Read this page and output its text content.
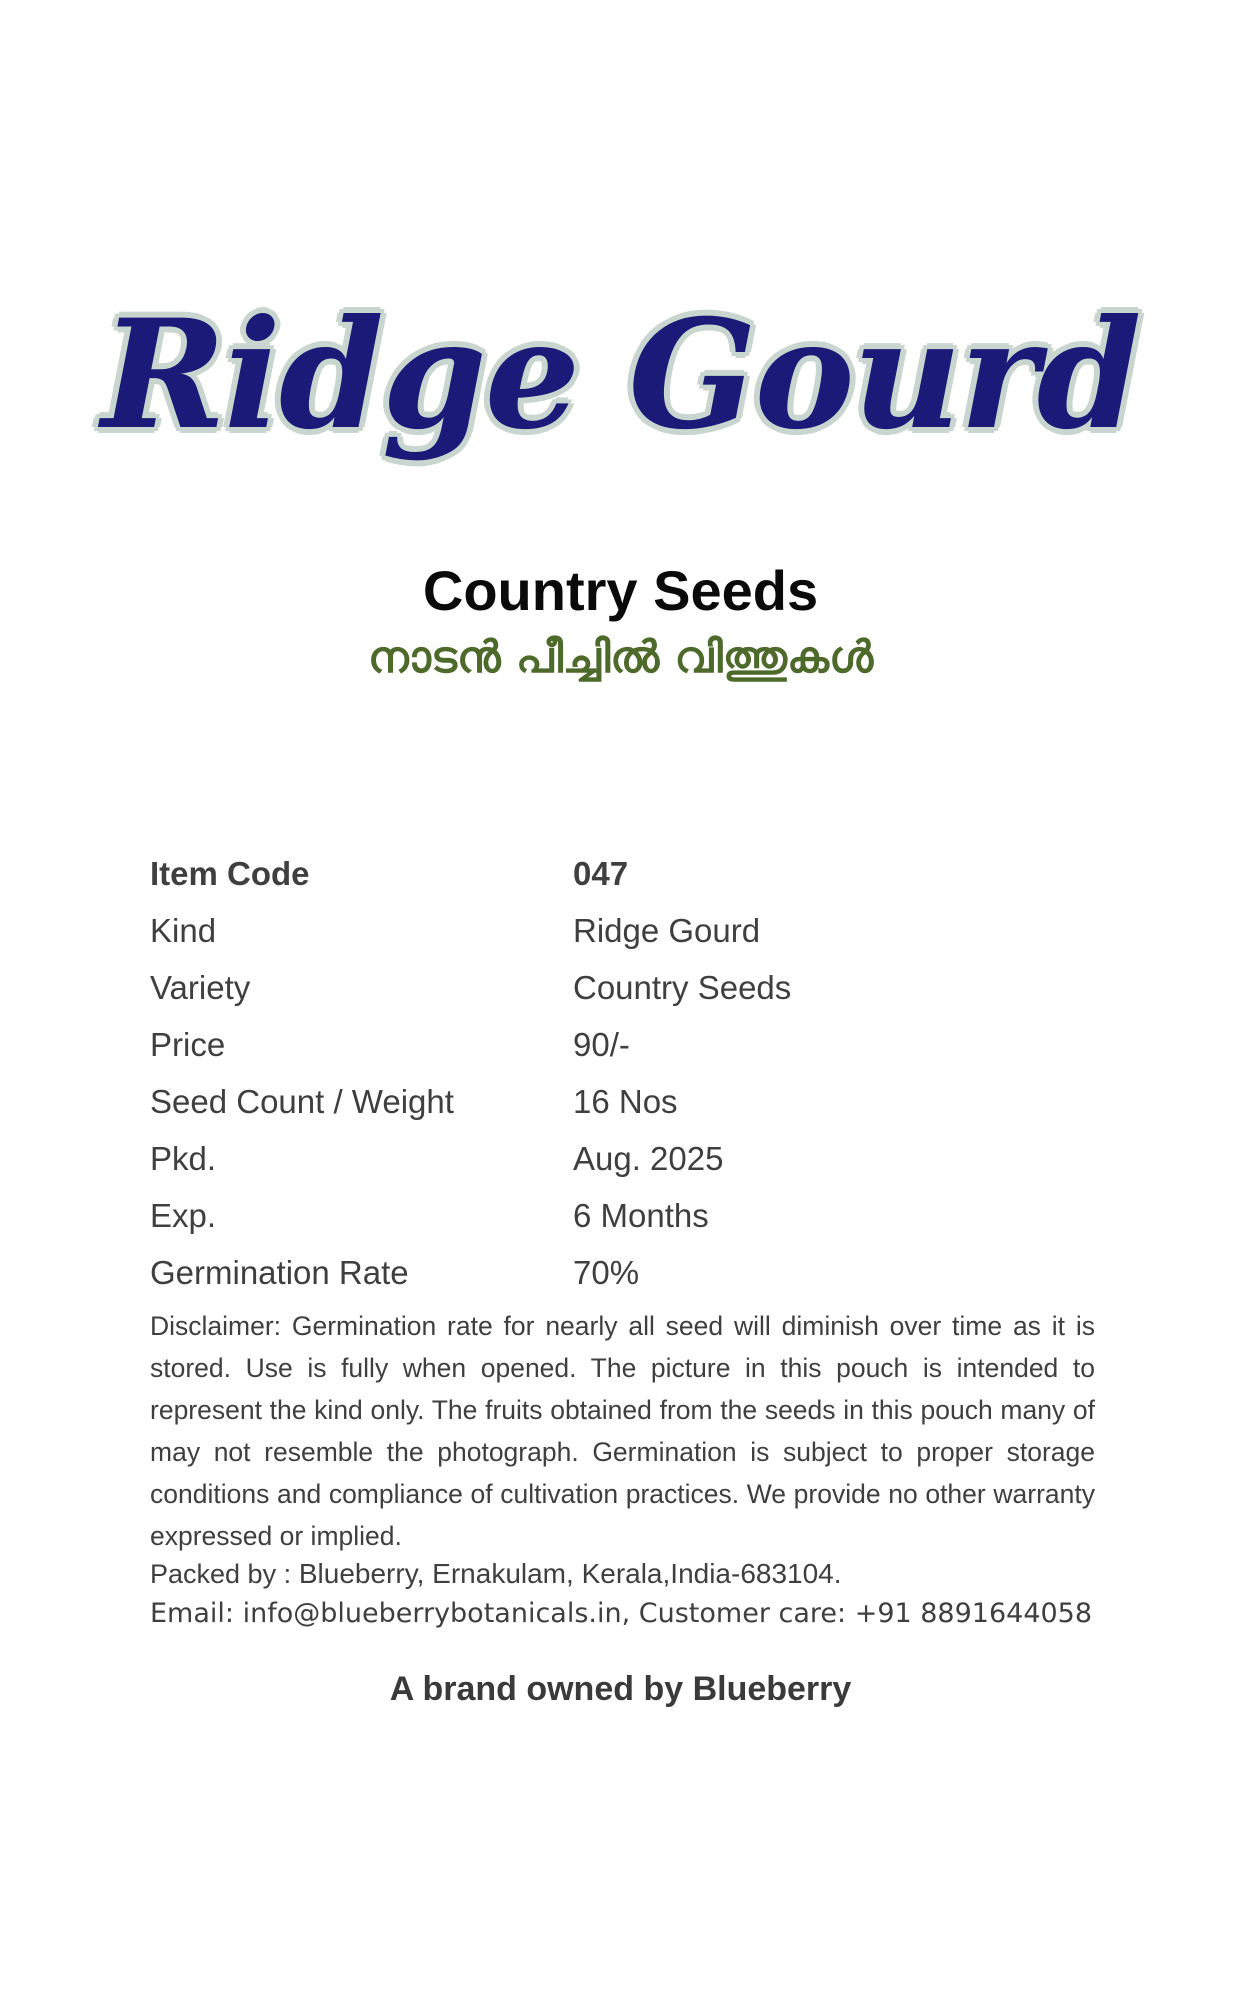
Ridge Gourd
Country Seeds
നാടൻ പീച്ചിൽ വിത്തുകൾ
Item Code	047
Kind	Ridge Gourd
Variety	Country Seeds
Price	90/-
Seed Count / Weight	16 Nos
Pkd.	Aug. 2025
Exp.	6 Months
Germination Rate	70%
Disclaimer: Germination rate for nearly all seed will diminish over time as it is stored. Use is fully when opened. The picture in this pouch is intended to represent the kind only. The fruits obtained from the seeds in this pouch many of may not resemble the photograph. Germination is subject to proper storage conditions and compliance of cultivation practices. We provide no other warranty expressed or implied.
Packed by : Blueberry, Ernakulam, Kerala,India-683104.
Email: info@blueberrybotanicals.in, Customer care: +91 8891644058
A brand owned by Blueberry
